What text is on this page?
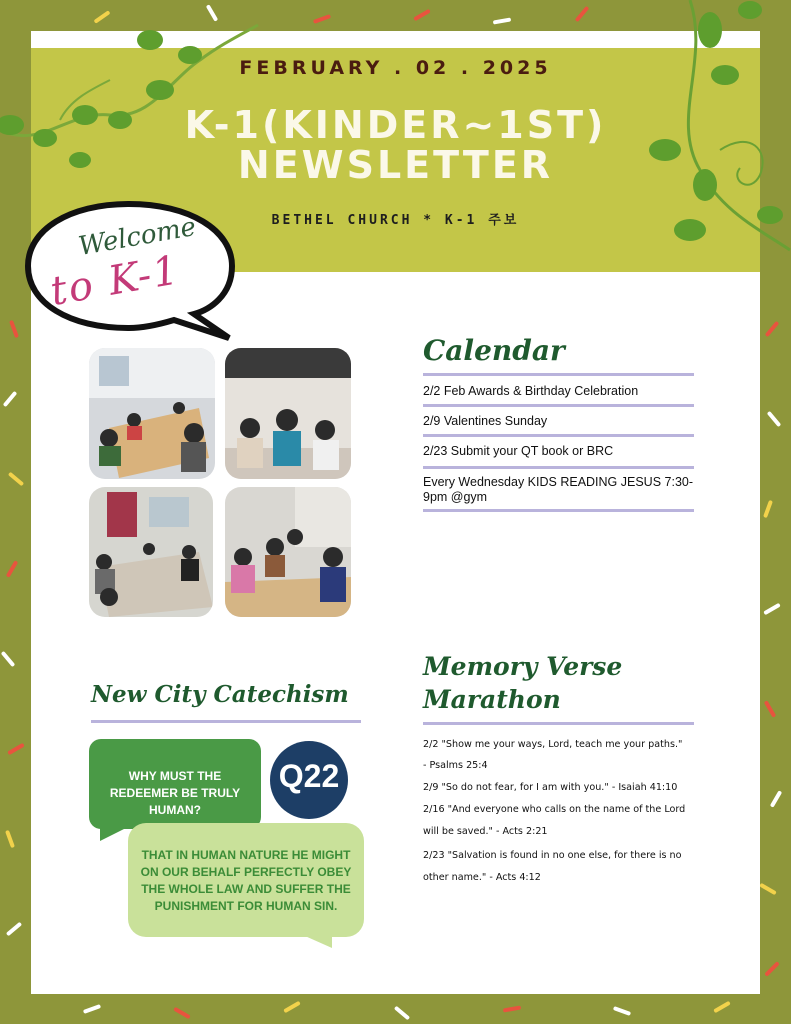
FEBRUARY . 02 . 2025
K-1(KINDER~1ST)
NEWSLETTER
BETHEL CHURCH * K-1 주보
Welcome
to K-1
Calendar
2/2 Feb Awards & Birthday Celebration
2/9 Valentines Sunday
2/23 Submit your QT book or BRC
Every Wednesday KIDS READING JESUS 7:30-9pm @gym
Memory Verse
Marathon
2/2 "Show me your ways, Lord, teach me your paths."
- Psalms 25:4
2/9 "So do not fear, for I am with you." - Isaiah 41:10
2/16 "And everyone who calls on the name of the Lord
will be saved." - Acts 2:21
2/23 "Salvation is found in no one else, for there is no
other name." - Acts 4:12
New City Catechism
WHY MUST THE REDEEMER BE TRULY HUMAN?
Q22
THAT IN HUMAN NATURE HE MIGHT ON OUR BEHALF PERFECTLY OBEY THE WHOLE LAW AND SUFFER THE PUNISHMENT FOR HUMAN SIN.
